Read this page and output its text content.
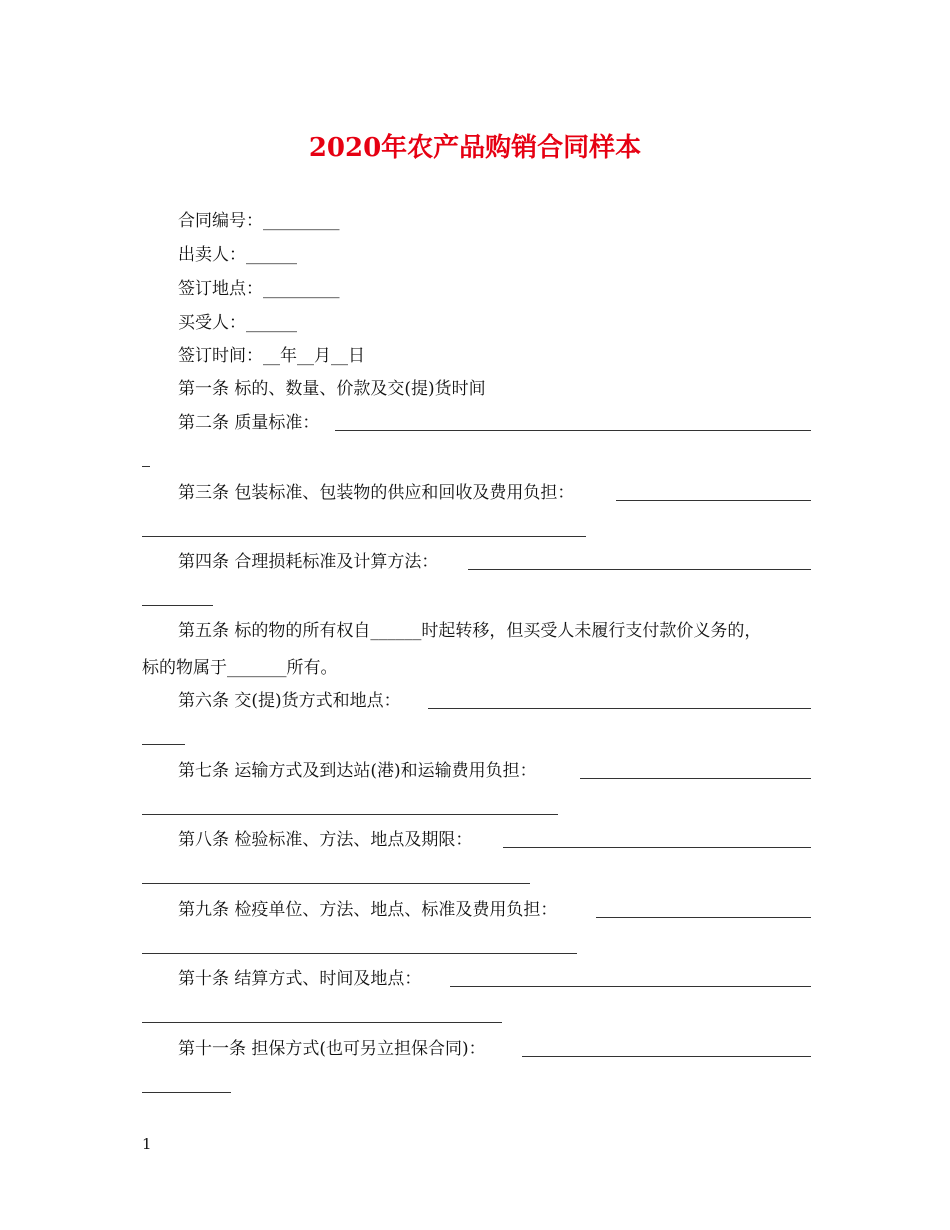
2020年农产品购销合同样本
合同编号：_________
出卖人：______
签订地点：_________
买受人：______
签订时间：__年__月__日
第一条 标的、数量、价款及交(提)货时间
第二条 质量标准：
第三条 包装标准、包装物的供应和回收及费用负担：
第四条 合理损耗标准及计算方法：
第五条 标的物的所有权自______时起转移，但买受人未履行支付款价义务的，
标的物属于_______所有。
第六条 交(提)货方式和地点：
第七条 运输方式及到达站(港)和运输费用负担：
第八条 检验标准、方法、地点及期限：
第九条 检疫单位、方法、地点、标准及费用负担：
第十条 结算方式、时间及地点：
第十一条 担保方式(也可另立担保合同)：
1
